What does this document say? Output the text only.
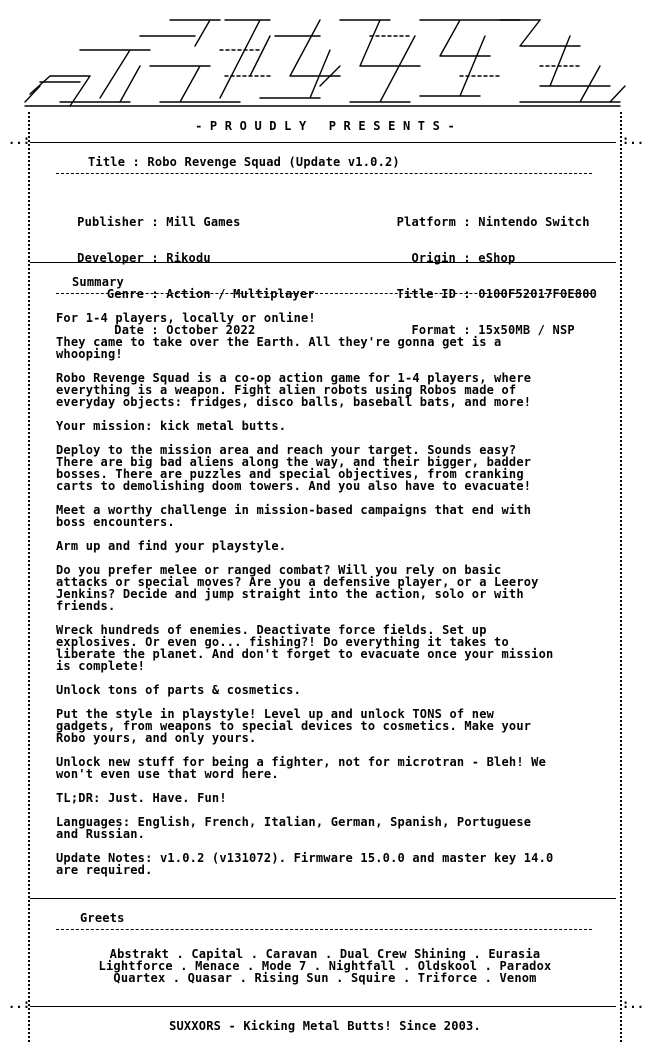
- P R O U D L Y   P R E S E N T S -
Title : Robo Revenge Squad (Update v1.0.2)

Publisher

Developer

Genre

Date

: Mill Games

: Rikodu

: Action / Multiplayer

: October 2022

Platform

Origin

Title ID

Format

: Nintendo Switch

: eShop

: 0100F52017F0E800

: 15x50MB / NSP

Summary
For 1-4 players, locally or online!
They came to take over the Earth. All they're gonna get is a
whooping!
Robo Revenge Squad is a co-op action game for 1-4 players, where
everything is a weapon. Fight alien robots using Robos made of
everyday objects: fridges, disco balls, baseball bats, and more!
Your mission: kick metal butts.
Deploy to the mission area and reach your target. Sounds easy?
There are big bad aliens along the way, and their bigger, badder
bosses. There are puzzles and special objectives, from cranking
carts to demolishing doom towers. And you also have to evacuate!
Meet a worthy challenge in mission-based campaigns that end with
boss encounters.
Arm up and find your playstyle.
Do you prefer melee or ranged combat? Will you rely on basic
attacks or special moves? Are you a defensive player, or a Leeroy
Jenkins? Decide and jump straight into the action, solo or with
friends.
Wreck hundreds of enemies. Deactivate force fields. Set up
explosives. Or even go... fishing?! Do everything it takes to
liberate the planet. And don't forget to evacuate once your mission
is complete!
Unlock tons of parts & cosmetics.
Put the style in playstyle! Level up and unlock TONS of new
gadgets, from weapons to special devices to cosmetics. Make your
Robo yours, and only yours.
Unlock new stuff for being a fighter, not for microtran - Bleh! We
won't even use that word here.
TL;DR: Just. Have. Fun!
Languages: English, French, Italian, German, Spanish, Portuguese
and Russian.
Update Notes: v1.0.2 (v131072). Firmware 15.0.0 and master key 14.0
are required.
Greets
Abstrakt . Capital . Caravan . Dual Crew Shining . Eurasia
Lightforce . Menace . Mode 7 . Nightfall . Oldskool . Paradox
Quartex . Quasar . Rising Sun . Squire . Triforce . Venom
..:	:..
..:	:..
SUXXORS - Kicking Metal Butts! Since 2003.
